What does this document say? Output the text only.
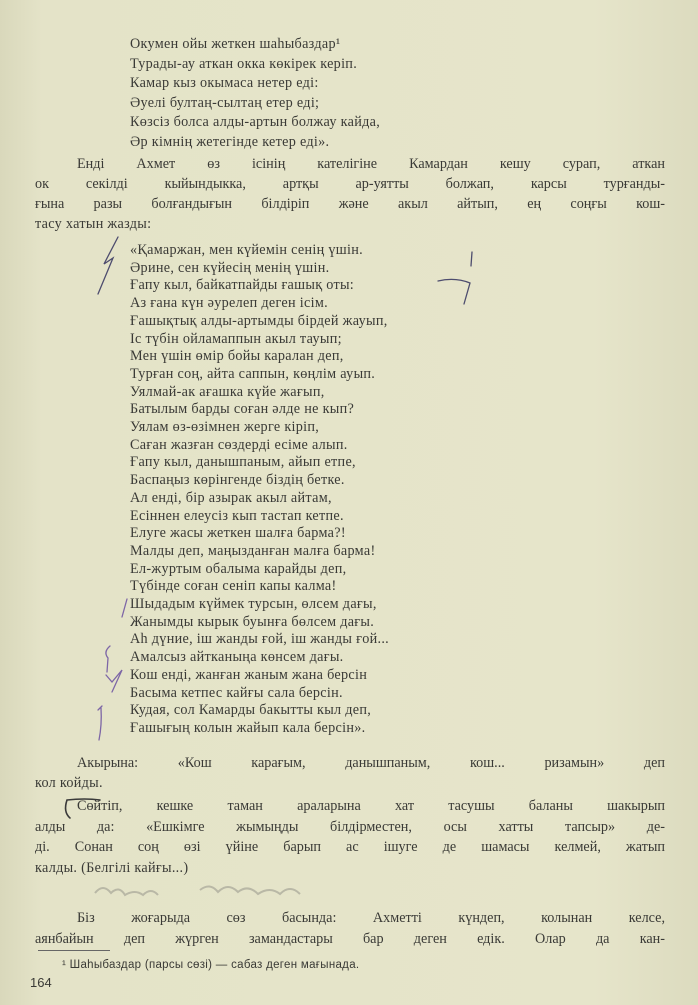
Окумен ойы жеткен шаһыбаздар¹
Турады-ау аткан окка көкірек керіп.
Камар кыз окымаса нетер еді:
Әуелі бултаң-сылтаң етер еді;
Көзсіз болса алды-артын болжау кайда,
Әр кімнің жетегінде кетер еді».
Енді Ахмет өз ісінің кателігіне Камардан кешу сурап, аткан
ок секілді кыйындыкка, артқы ар-уятты болжап, карсы турғанды-
ғына разы болғандығын білдіріп және акыл айтып, ең соңғы кош-
тасу хатын жазды:
«Қамаржан, мен күйемін сенің үшін.
Әрине, сен күйесің менің үшін.
Ғапу кыл, байкатпайды ғашық оты:
Аз ғана күн әурелеп деген ісім.
Ғашықтық алды-артымды бірдей жауып,
Іс түбін ойламаппын акыл тауып;
Мен үшін өмір бойы каралан деп,
Турған соң, айта саппын, көңлім ауып.
Уялмай-ак ағашка күйе жағып,
Батылым барды соған әлде не кып?
Уялам өз-өзімнен жерге кіріп,
Саған жазған сөздерді есіме алып.
Ғапу кыл, данышпаным, айып етпе,
Баспаңыз көрінгенде біздің бетке.
Ал енді, бір азырак акыл айтам,
Есіннен елеусіз кып тастап кетпе.
Елуге жасы жеткен шалға барма?!
Малды деп, маңызданған малға барма!
Ел-журтым обалыма карайды деп,
Түбінде соған сеніп капы калма!
Шыдадым күймек турсын, өлсем дағы,
Жанымды кырык буынға бөлсем дағы.
Аһ дүние, іш жанды ғой, іш жанды ғой...
Амалсыз айтканыңа көнсем дағы.
Кош енді, жанған жаным жана берсін
Басыма кетпес кайғы сала берсін.
Кудая, сол Камарды бакытты кыл деп,
Ғашығың колын жайып кала берсін».
Акырына: «Кош карағым, данышпаным, кош... ризамын» деп
кол койды.
Сөйтіп, кешке таман араларына хат тасушы баланы шакырып
алды да: «Ешкімге жымыңды білдірместен, осы хатты тапсыр» де-
ді. Сонан соң өзі үйіне барып ас ішуге де шамасы келмей, жатып
калды. (Белгілі кайғы...)
Біз жоғарыда сөз басында: Ахметті күндеп, колынан келсе,
аянбайын деп жүрген замандастары бар деген едік. Олар да кан-
¹ Шаһыбаздар (парсы сөзі) — сабаз деген мағынада.
164
